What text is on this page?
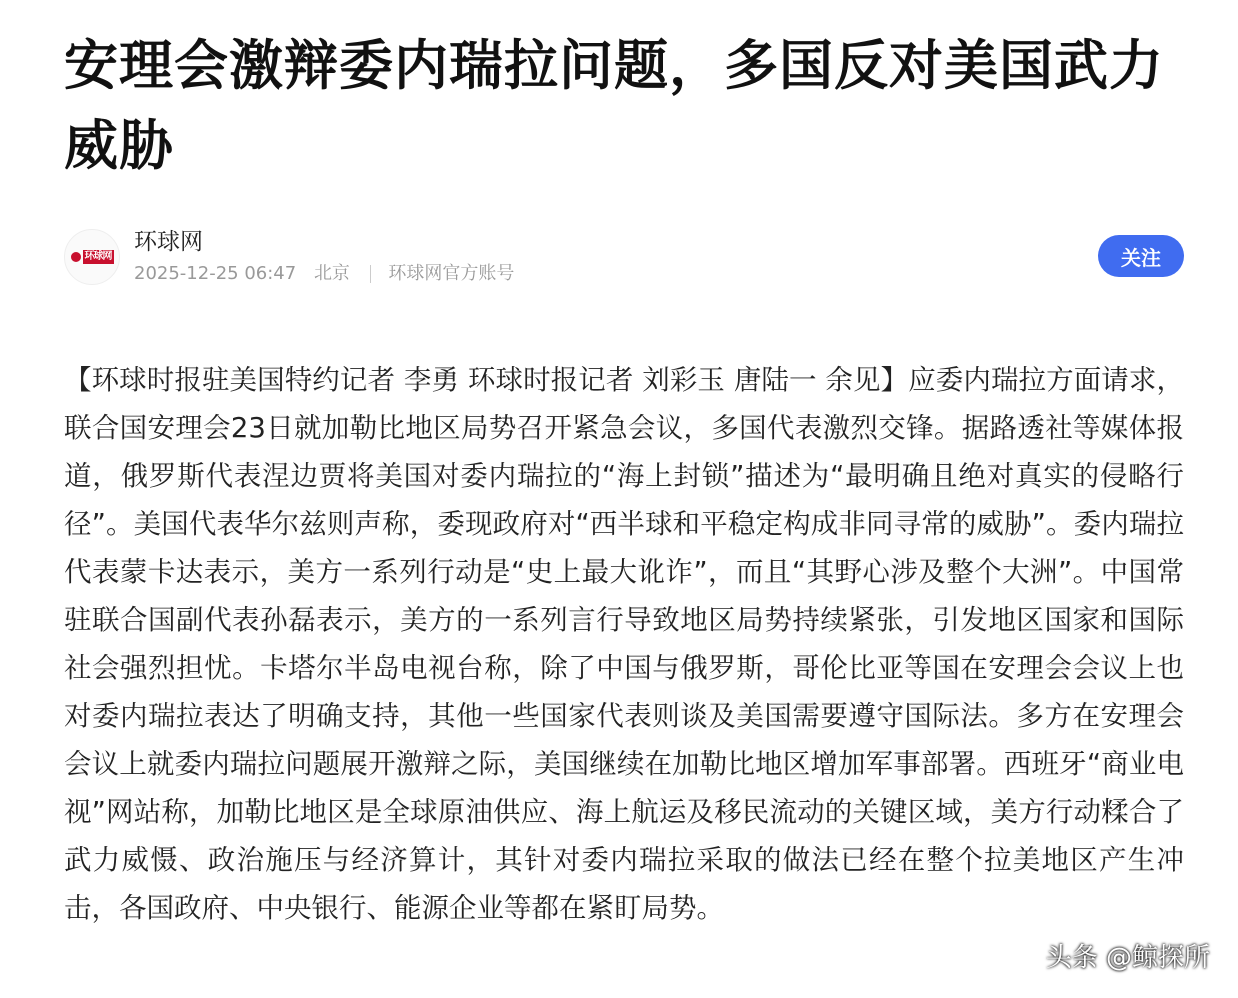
安理会激辩委内瑞拉问题，多国反对美国武力威胁
环球网
环球网
2025-12-25 06:47 北京 环球网官方账号
关注

【环球时报驻美国特约记者 李勇 环球时报记者 刘彩玉 唐陆一 余见】应委内瑞拉方面请求，联合国安理会23日就加勒比地区局势召开紧急会议，多国代表激烈交锋。据路透社等媒体报道，俄罗斯代表涅边贾将美国对委内瑞拉的“海上封锁”描述为“最明确且绝对真实的侵略行径”。美国代表华尔兹则声称，委现政府对“西半球和平稳定构成非同寻常的威胁”。委内瑞拉代表蒙卡达表示，美方一系列行动是“史上最大讹诈”，而且“其野心涉及整个大洲”。中国常驻联合国副代表孙磊表示，美方的一系列言行导致地区局势持续紧张，引发地区国家和国际社会强烈担忧。卡塔尔半岛电视台称，除了中国与俄罗斯，哥伦比亚等国在安理会会议上也对委内瑞拉表达了明确支持，其他一些国家代表则谈及美国需要遵守国际法。多方在安理会会议上就委内瑞拉问题展开激辩之际，美国继续在加勒比地区增加军事部署。西班牙“商业电视”网站称，加勒比地区是全球原油供应、海上航运及移民流动的关键区域，美方行动糅合了武力威慑、政治施压与经济算计，其针对委内瑞拉采取的做法已经在整个拉美地区产生冲击，各国政府、中央银行、能源企业等都在紧盯局势。

头条 @鲸探所
